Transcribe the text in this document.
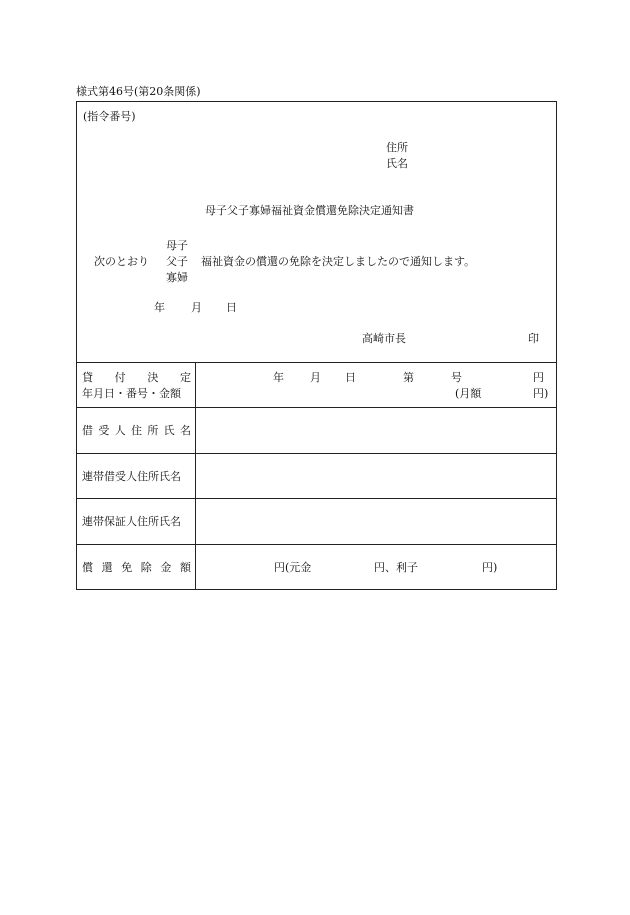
様式第46号(第20条関係)
(指令番号)
住所
氏名
母子父子寡婦福祉資金償還免除決定通知書
次のとおり
母子
父子
寡婦
福祉資金の償還の免除を決定しましたので通知します。
年 月 日
高崎市長	印
貸 付 決 定
年月日・番号・金額
年 月 日	第	号	円
(月額	円)
借 受 人 住 所 氏 名
連帯借受人住所氏名
連帯保証人住所氏名
償 還 免 除 金 額	円(元金	円、利子	円)
